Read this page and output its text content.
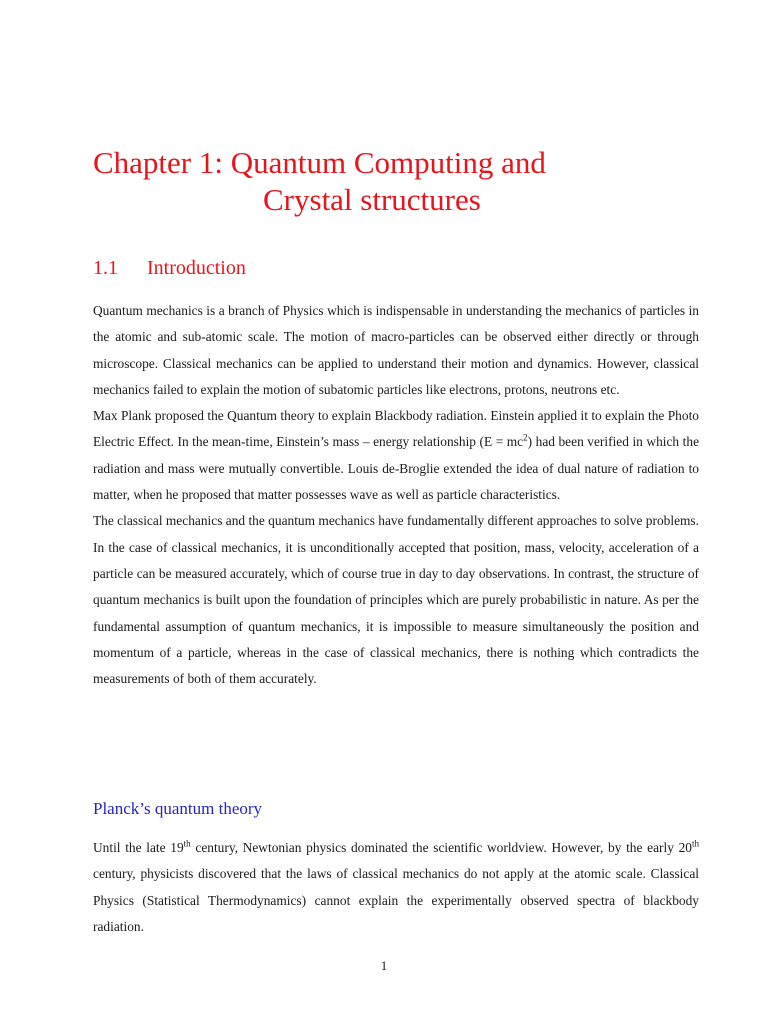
Chapter 1: Quantum Computing and
Crystal structures
1.1 Introduction

Quantum mechanics is a branch of Physics which is indispensable in understanding the mechanics of particles in the atomic and sub-atomic scale. The motion of macro-particles can be observed either directly or through microscope. Classical mechanics can be applied to understand their motion and dynamics. However, classical mechanics failed to explain the motion of subatomic particles like electrons, protons, neutrons etc.

Max Plank proposed the Quantum theory to explain Blackbody radiation. Einstein applied it to explain the Photo Electric Effect. In the mean-time, Einstein’s mass – energy relationship $(E = mc^2)$ had been verified in which the radiation and mass were mutually convertible. Louis de-Broglie extended the idea of dual nature of radiation to matter, when he proposed that matter possesses wave as well as particle characteristics.

The classical mechanics and the quantum mechanics have fundamentally different approaches to solve problems. In the case of classical mechanics, it is unconditionally accepted that position, mass, velocity, acceleration of a particle can be measured accurately, which of course true in day to day observations. In contrast, the structure of quantum mechanics is built upon the foundation of principles which are purely probabilistic in nature. As per the fundamental assumption of quantum mechanics, it is impossible to measure simultaneously the position and momentum of a particle, whereas in the case of classical mechanics, there is nothing which contradicts the measurements of both of them accurately.

Planck’s quantum theory

Until the late 19th century, Newtonian physics dominated the scientific worldview. However, by the early 20th century, physicists discovered that the laws of classical mechanics do not apply at the atomic scale. Classical Physics (Statistical Thermodynamics) cannot explain the experimentally observed spectra of blackbody radiation.

1
